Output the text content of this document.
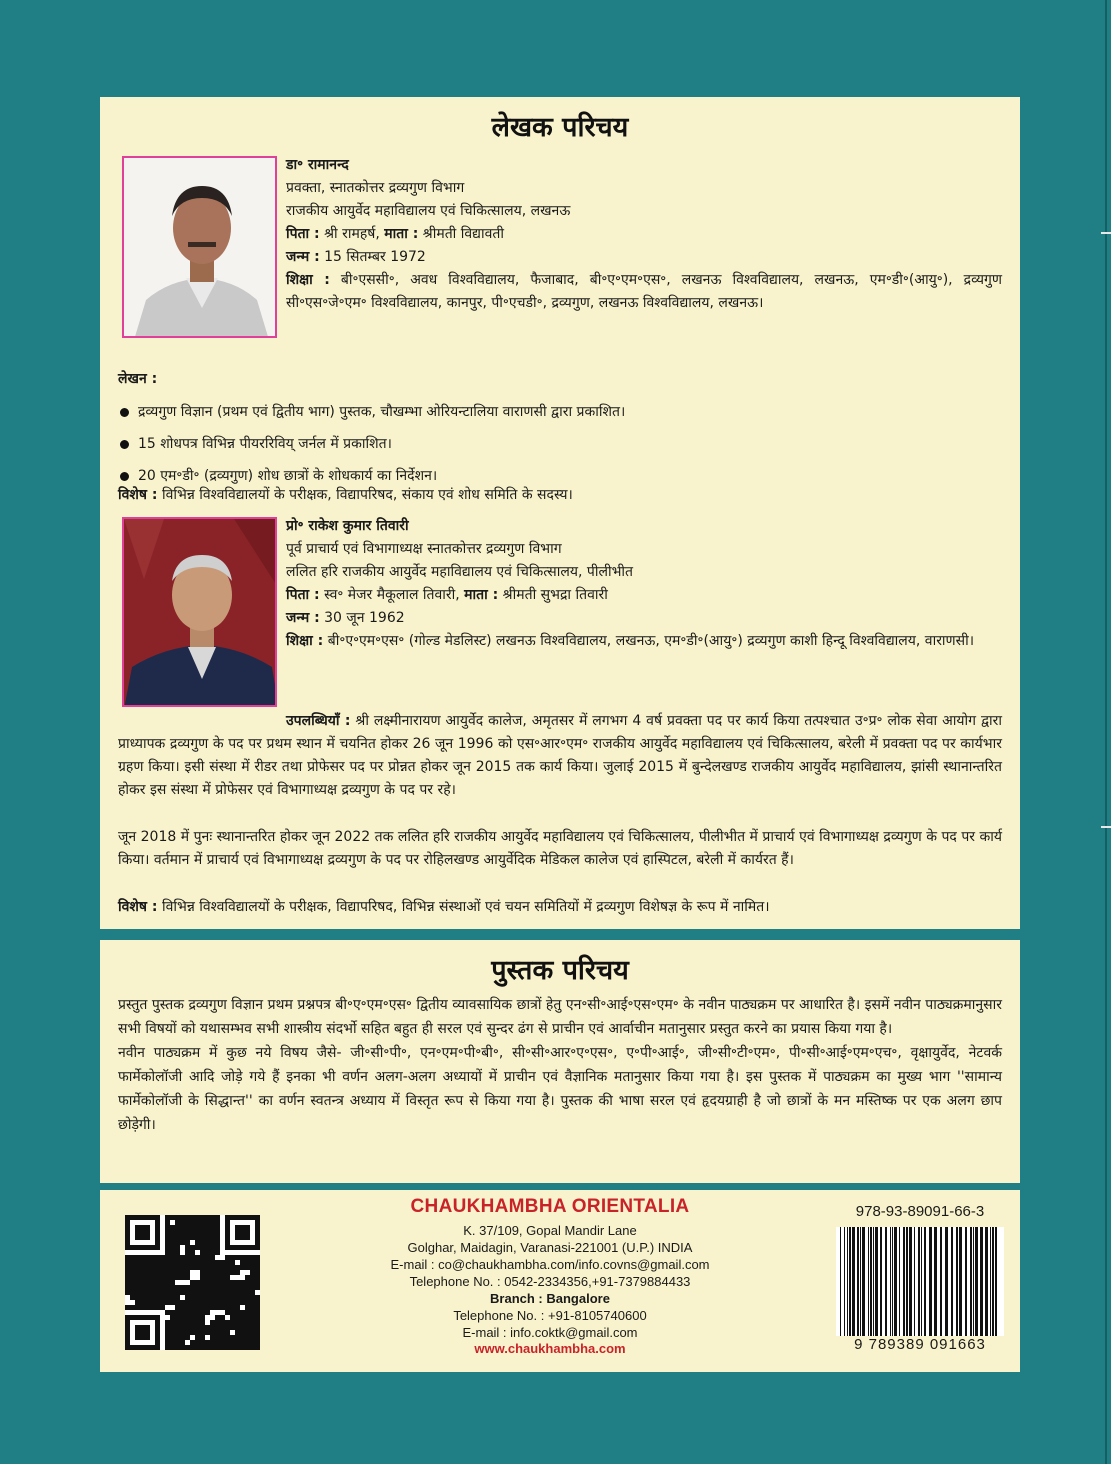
लेखक परिचय

डा॰ रामानन्द

प्रवक्ता, स्नातकोत्तर द्रव्यगुण विभाग

राजकीय आयुर्वेद महाविद्यालय एवं चिकित्सालय, लखनऊ

पिता : श्री रामहर्ष, माता : श्रीमती विद्यावती

जन्म : 15 सितम्बर 1972

शिक्षा : बी॰एससी॰, अवध विश्वविद्यालय, फैजाबाद, बी॰ए॰एम॰एस॰, लखनऊ विश्वविद्यालय, लखनऊ, एम॰डी॰(आयु॰), द्रव्यगुण सी॰एस॰जे॰एम॰ विश्वविद्यालय, कानपुर, पी॰एचडी॰, द्रव्यगुण, लखनऊ विश्वविद्यालय, लखनऊ।

लेखन :

द्रव्यगुण विज्ञान (प्रथम एवं द्वितीय भाग) पुस्तक, चौखम्भा ओरियन्टालिया वाराणसी द्वारा प्रकाशित।
15 शोधपत्र विभिन्न पीयररिविय् जर्नल में प्रकाशित।
20 एम॰डी॰ (द्रव्यगुण) शोध छात्रों के शोधकार्य का निर्देशन।

विशेष : विभिन्न विश्वविद्यालयों के परीक्षक, विद्यापरिषद, संकाय एवं शोध समिति के सदस्य।

प्रो॰ राकेश कुमार तिवारी

पूर्व प्राचार्य एवं विभागाध्यक्ष स्नातकोत्तर द्रव्यगुण विभाग

ललित हरि राजकीय आयुर्वेद महाविद्यालय एवं चिकित्सालय, पीलीभीत

पिता : स्व॰ मेजर मैकूलाल तिवारी, माता : श्रीमती सुभद्रा तिवारी

जन्म : 30 जून 1962

शिक्षा : बी॰ए॰एम॰एस॰ (गोल्ड मेडलिस्ट) लखनऊ विश्वविद्यालय, लखनऊ, एम॰डी॰(आयु॰) द्रव्यगुण काशी हिन्दू विश्वविद्यालय, वाराणसी।

उपलब्धियाँ : श्री लक्ष्मीनारायण आयुर्वेद कालेज, अमृतसर में लगभग 4 वर्ष प्रवक्ता पद पर कार्य किया तत्पश्चात उ॰प्र॰ लोक सेवा आयोग द्वारा प्राध्यापक द्रव्यगुण के पद पर प्रथम स्थान में चयनित होकर 26 जून 1996 को एस॰आर॰एम॰ राजकीय आयुर्वेद महाविद्यालय एवं चिकित्सालय, बरेली में प्रवक्ता पद पर कार्यभार ग्रहण किया। इसी संस्था में रीडर तथा प्रोफेसर पद पर प्रोन्नत होकर जून 2015 तक कार्य किया। जुलाई 2015 में बुन्देलखण्ड राजकीय आयुर्वेद महाविद्यालय, झांसी स्थानान्तरित होकर इस संस्था में प्रोफेसर एवं विभागाध्यक्ष द्रव्यगुण के पद पर रहे।

जून 2018 में पुनः स्थानान्तरित होकर जून 2022 तक ललित हरि राजकीय आयुर्वेद महाविद्यालय एवं चिकित्सालय, पीलीभीत में प्राचार्य एवं विभागाध्यक्ष द्रव्यगुण के पद पर कार्य किया। वर्तमान में प्राचार्य एवं विभागाध्यक्ष द्रव्यगुण के पद पर रोहिलखण्ड आयुर्वेदिक मेडिकल कालेज एवं हास्पिटल, बरेली में कार्यरत हैं।

विशेष : विभिन्न विश्वविद्यालयों के परीक्षक, विद्यापरिषद, विभिन्न संस्थाओं एवं चयन समितियों में द्रव्यगुण विशेषज्ञ के रूप में नामित।

पुस्तक परिचय

प्रस्तुत पुस्तक द्रव्यगुण विज्ञान प्रथम प्रश्नपत्र बी॰ए॰एम॰एस॰ द्वितीय व्यावसायिक छात्रों हेतु एन॰सी॰आई॰एस॰एम॰ के नवीन पाठ्यक्रम पर आधारित है। इसमें नवीन पाठ्यक्रमानुसार सभी विषयों को यथासम्भव सभी शास्त्रीय संदर्भो सहित बहुत ही सरल एवं सुन्दर ढंग से प्राचीन एवं आर्वाचीन मतानुसार प्रस्तुत करने का प्रयास किया गया है।

नवीन पाठ्यक्रम में कुछ नये विषय जैसे- जी॰सी॰पी॰, एन॰एम॰पी॰बी॰, सी॰सी॰आर॰ए॰एस॰, ए॰पी॰आई॰, जी॰सी॰टी॰एम॰, पी॰सी॰आई॰एम॰एच॰, वृक्षायुर्वेद, नेटवर्क फार्मेकोलॉजी आदि जोड़े गये हैं इनका भी वर्णन अलग-अलग अध्यायों में प्राचीन एवं वैज्ञानिक मतानुसार किया गया है। इस पुस्तक में पाठ्यक्रम का मुख्य भाग ''सामान्य फार्मेकोलॉजी के सिद्धान्त'' का वर्णन स्वतन्त्र अध्याय में विस्तृत रूप से किया गया है। पुस्तक की भाषा सरल एवं हृदयग्राही है जो छात्रों के मन मस्तिष्क पर एक अलग छाप छोड़ेगी।

CHAUKHAMBHA ORIENTALIA
K. 37/109, Gopal Mandir Lane
Golghar, Maidagin, Varanasi-221001 (U.P.) INDIA
E-mail : co@chaukhambha.com/info.covns@gmail.com
Telephone No. : 0542-2334356,+91-7379884433
Branch : Bangalore
Telephone No. : +91-8105740600
E-mail : info.coktk@gmail.com
www.chaukhambha.com
978-93-89091-66-3
9 789389 091663
